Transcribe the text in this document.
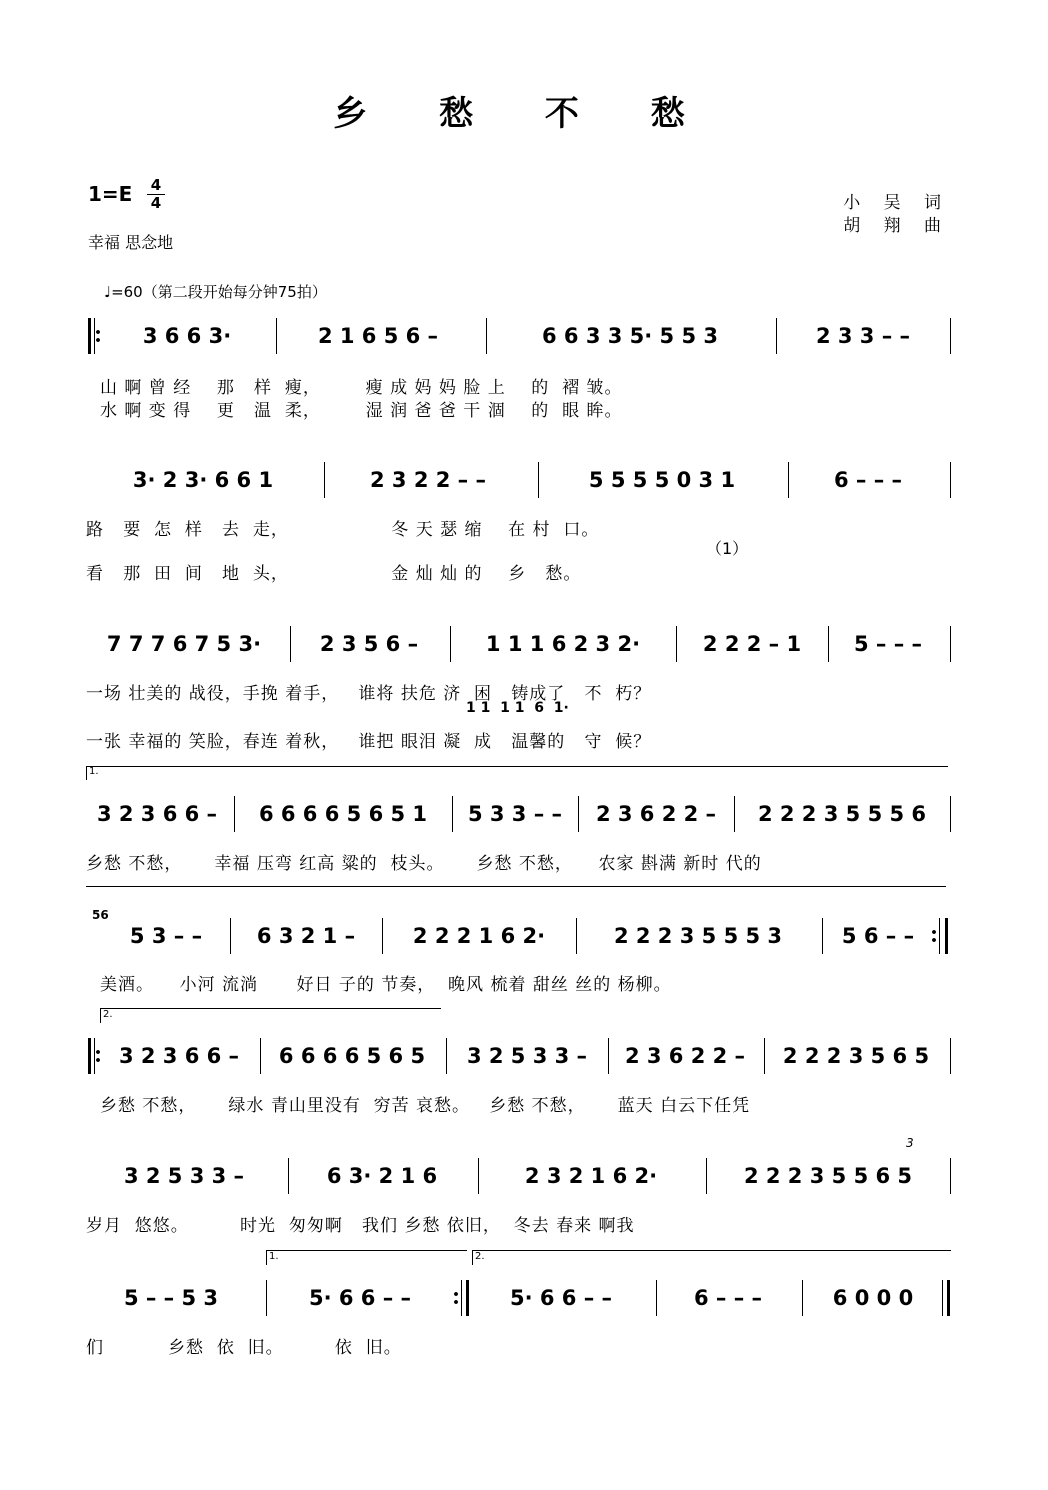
乡 愁 不 愁
1=E 4
4
幸福 思念地
小 吴 词
胡 翔 曲
♩=60（第二段开始每分钟75拍）
3 6 6 3·	2 1 6 5 6 –	6 6 3 3 5· 5 5 3	2 3 3 – –
山 啊 曾 经    那   样  瘦，       瘦 成 妈 妈 脸 上    的  褶 皱。
水 啊 变 得    更   温  柔，       湿 润 爸 爸 干 涸    的  眼 眸。
3· 2 3· 6 6 1	2 3 2 2 – –	5 5 5 5 0 3 1	6 – – –
路   要  怎  样   去  走，                冬 天 瑟 缩    在 村  口。
（1）
看   那  田  间   地  头，                金 灿 灿 的    乡   愁。
7 7 7 6 7 5 3·	2 3 5 6 –	1 1 1 6 2 3 2·	2 2 2 – 1	5 – – –
一场 壮美的 战役，手挽 着手，   谁将 扶危 济  困   铸成了   不  朽？
1 1  1 1  6  1·
一张 幸福的 笑脸，春连 着秋，   谁把 眼泪 凝  成   温馨的   守  候？
1.
3 2 3 6 6 –	6 6 6 6 5 6 5 1	5 3 3 – –	2 3 6 2 2 –	2 2 2 3 5 5 5 6
乡愁 不愁，     幸福 压弯 红高 粱的  枝头。     乡愁 不愁，    农家 斟满 新时 代的
56
5 3 – –	6 3 2 1 –	2 2 2 1 6 2·	2 2 2 3 5 5 5 3	5 6 – –
美酒。    小河 流淌      好日 子的 节奏，  晚风 梳着 甜丝 丝的 杨柳。
2.
3 2 3 6 6 –	6 6 6 6 5 6 5	3 2 5 3 3 –	2 3 6 2 2 –	2 2 2 3 5 6 5
乡愁 不愁，     绿水 青山里没有  穷苦 哀愁。   乡愁 不愁，     蓝天 白云下任凭
3
3 2 5 3 3 –	6 3· 2 1 6	2 3 2 1 6 2·	2 2 2 3 5 5 6 5
岁月  悠悠。        时光  匆匆啊   我们 乡愁 依旧，  冬去 春来 啊我
1.	2.
5 – – 5 3	5· 6 6 – –	5· 6 6 – –	6 – – –	6 0 0 0
们          乡愁  依  旧。        依  旧。
